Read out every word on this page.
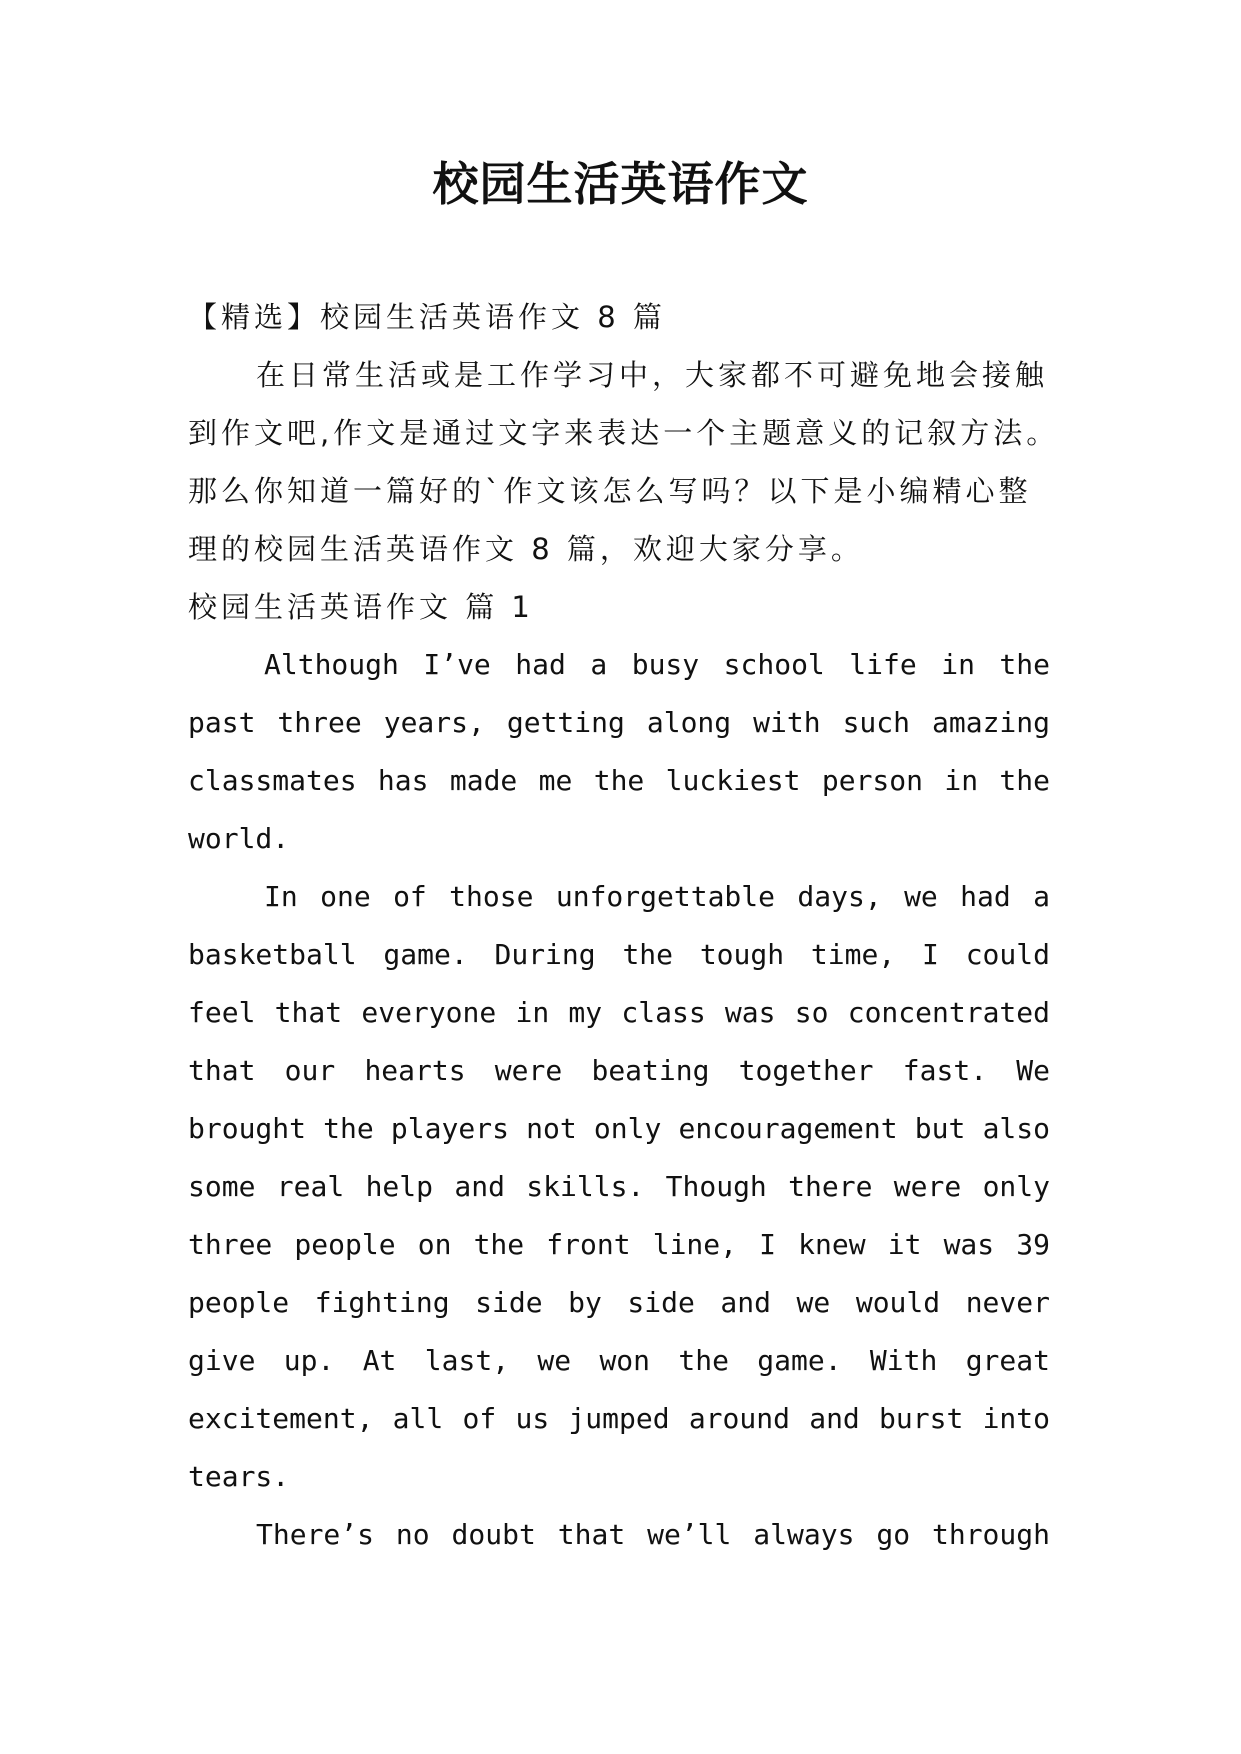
校园生活英语作文

【精选】校园生活英语作文 8 篇

在日常生活或是工作学习中，大家都不可避免地会接触

到作文吧,作文是通过文字来表达一个主题意义的记叙方法。

那么你知道一篇好的`作文该怎么写吗？以下是小编精心整

理的校园生活英语作文 8 篇，欢迎大家分享。

校园生活英语作文 篇 1

Although I’ve had a busy school life in the

past three years, getting along with such amazing

classmates has made me the luckiest person in the

world.

In one of those unforgettable days, we had a

basketball game. During the tough time, I could

feel that everyone in my class was so concentrated

that our hearts were beating together fast. We

brought the players not only encouragement but also

some real help and skills. Though there were only

three people on the front line, I knew it was 39

people fighting side by side and we would never

give up. At last, we won the game. With great

excitement, all of us jumped around and burst into

tears.

There’s no doubt that we’ll always go through
